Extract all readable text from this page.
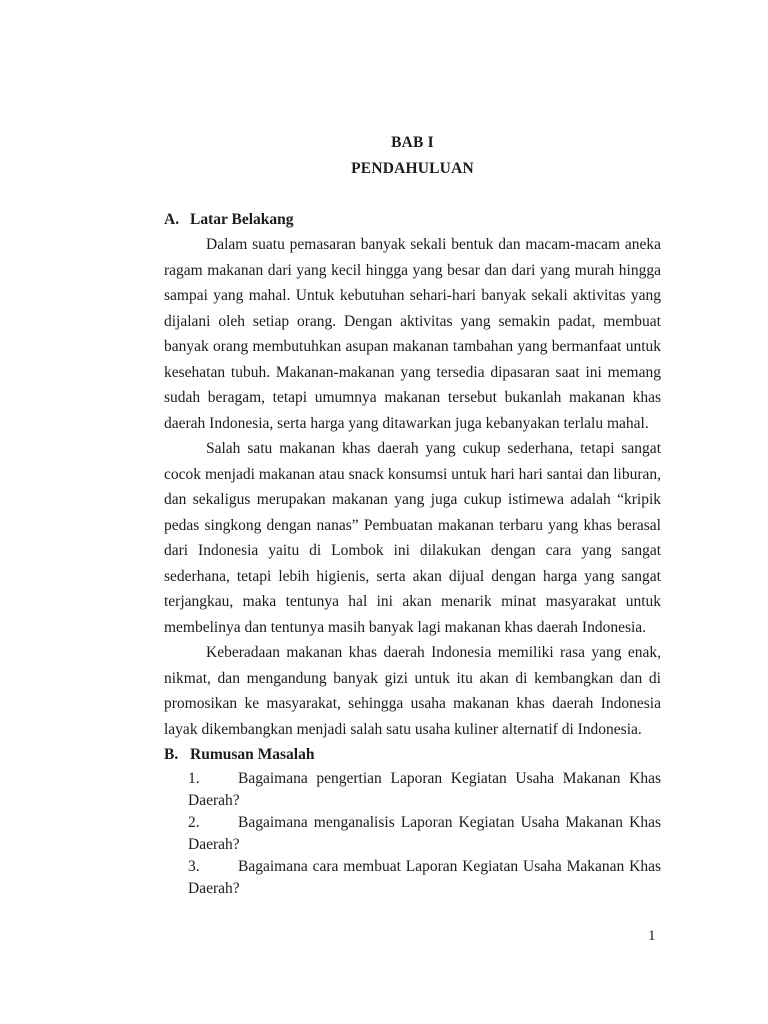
BAB I
PENDAHULUAN
A. Latar Belakang

Dalam suatu pemasaran banyak sekali bentuk dan macam-macam aneka ragam makanan dari yang kecil hingga yang besar dan dari yang murah hingga sampai yang mahal. Untuk kebutuhan sehari-hari banyak sekali aktivitas yang dijalani oleh setiap orang. Dengan aktivitas yang semakin padat, membuat banyak orang membutuhkan asupan makanan tambahan yang bermanfaat untuk kesehatan tubuh. Makanan-makanan yang tersedia dipasaran saat ini memang sudah beragam, tetapi umumnya makanan tersebut bukanlah makanan khas daerah Indonesia, serta harga yang ditawarkan juga kebanyakan terlalu mahal.

Salah satu makanan khas daerah yang cukup sederhana, tetapi sangat cocok menjadi makanan atau snack konsumsi untuk hari hari santai dan liburan, dan sekaligus merupakan makanan yang juga cukup istimewa adalah “kripik pedas singkong dengan nanas” Pembuatan makanan terbaru yang khas berasal dari Indonesia yaitu di Lombok ini dilakukan dengan cara yang sangat sederhana, tetapi lebih higienis, serta akan dijual dengan harga yang sangat terjangkau, maka tentunya hal ini akan menarik minat masyarakat untuk membelinya dan tentunya masih banyak lagi makanan khas daerah Indonesia.

Keberadaan makanan khas daerah Indonesia memiliki rasa yang enak, nikmat, dan mengandung banyak gizi untuk itu akan di kembangkan dan di promosikan ke masyarakat, sehingga usaha makanan khas daerah Indonesia layak dikembangkan menjadi salah satu usaha kuliner alternatif di Indonesia.

B. Rumusan Masalah
1. Bagaimana pengertian Laporan Kegiatan Usaha Makanan Khas Daerah?
2. Bagaimana menganalisis Laporan Kegiatan Usaha Makanan Khas Daerah?
3. Bagaimana cara membuat Laporan Kegiatan Usaha Makanan Khas Daerah?
1
